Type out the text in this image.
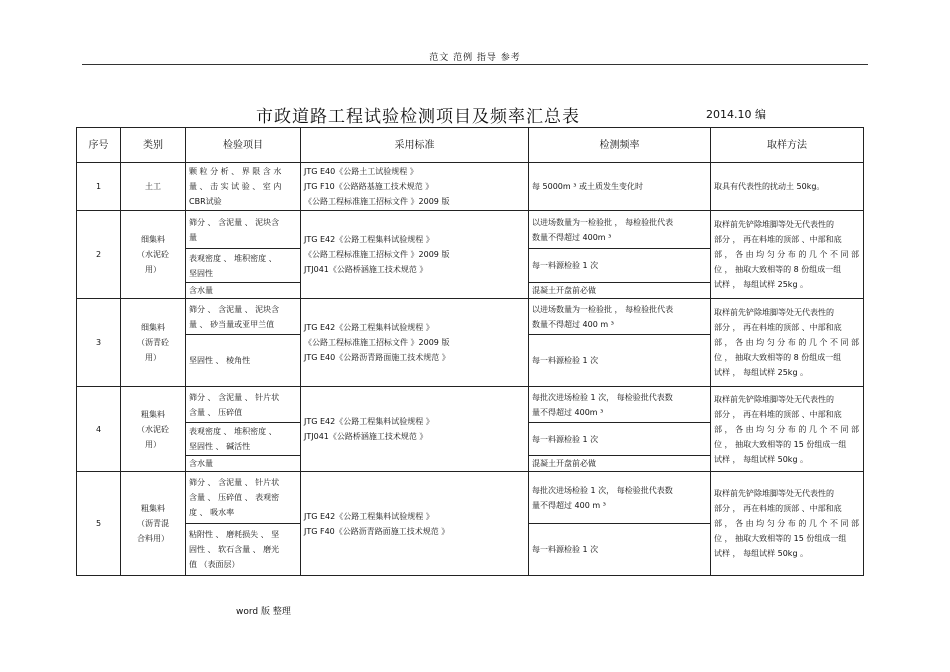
范文 范例 指导 参考
市政道路工程试验检测项目及频率汇总表	2014.10 编
序号	类别	检验项目	采用标准	检测频率	取样方法
1	土工	颗 粒 分 析 、 界 限 含 水
量 、 击 实 试 验 、 室 内
CBR试验	JTG E40《公路土工试验规程 》
JTG F10《公路路基施工技术规范 》
《公路工程标准施工招标文件 》2009 版	每 5000m ³ 或土质发生变化时	取具有代表性的扰动土 50kg。
2	细集料
（水泥砼
用）	筛分 、 含泥量 、 泥块含
量	JTG E42《公路工程集料试验规程 》
《公路工程标准施工招标文件 》2009 版
JTJ041《公路桥涵施工技术规范 》	以进场数量为一检验批 ， 每检验批代表
数量不得超过 400m ³	取样前先铲除堆脚等处无代表性的
部分 ， 再在料堆的顶部 、中部和底
部 ， 各 由 均 匀 分 布 的 几 个 不 同 部
位 ， 抽取大致相等的 8 份组成一组
试样 ， 每组试样 25kg 。
		表观密度 、 堆积密度 、
坚固性		每一料源检验 1 次	
		含水量		混凝土开盘前必做	
3	细集料
（沥青砼
用）	筛分 、 含泥量 、 泥块含
量 、 砂当量或亚甲兰值	JTG E42《公路工程集料试验规程 》
《公路工程标准施工招标文件 》2009 版
JTG E40《公路沥青路面施工技术规范 》	以进场数量为一检验批 ， 每检验批代表
数量不得超过 400 m ³	取样前先铲除堆脚等处无代表性的
部分 ， 再在料堆的顶部 、中部和底
部 ， 各 由 均 匀 分 布 的 几 个 不 同 部
位 ， 抽取大致相等的 8 份组成一组
试样 ， 每组试样 25kg 。
		坚固性 、 棱角性		每一料源检验 1 次	
4	粗集料
（水泥砼
用）	筛分 、 含泥量 、 针片状
含量 、 压碎值	JTG E42《公路工程集料试验规程 》
JTJ041《公路桥涵施工技术规范 》	每批次进场检验 1 次， 每检验批代表数
量不得超过 400m ³	取样前先铲除堆脚等处无代表性的
部分 ， 再在料堆的顶部 、中部和底
部 ， 各 由 均 匀 分 布 的 几 个 不 同 部
位 ， 抽取大致相等的 15 份组成一组
试样 ， 每组试样 50kg 。
		表观密度 、 堆积密度 、
坚固性 、 碱活性		每一料源检验 1 次	
		含水量		混凝土开盘前必做	
5	粗集料
（沥青混
合料用）	筛分 、 含泥量 、 针片状
含量 、 压碎值 、 表观密
度 、 吸水率	JTG E42《公路工程集料试验规程 》
JTG F40《公路沥青路面施工技术规范 》	每批次进场检验 1 次， 每检验批代表数
量不得超过 400 m ³	取样前先铲除堆脚等处无代表性的
部分 ， 再在料堆的顶部 、中部和底
部 ， 各 由 均 匀 分 布 的 几 个 不 同 部
位 ， 抽取大致相等的 15 份组成一组
试样 ， 每组试样 50kg 。
		粘附性 、 磨耗损失 、 坚
固性 、 软石含量 、 磨光
值 （表面层）		每一料源检验 1 次	
word 版 整理
